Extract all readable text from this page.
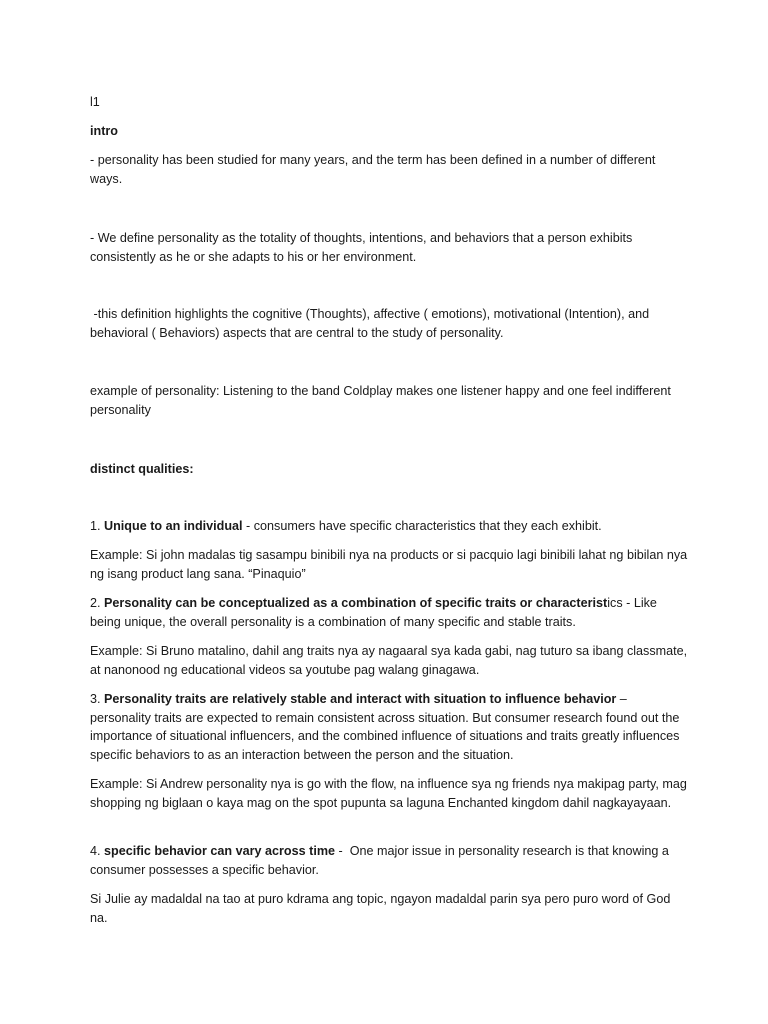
l1

intro

- personality has been studied for many years, and the term has been defined in a number of different ways.

- We define personality as the totality of thoughts, intentions, and behaviors that a person exhibits consistently as he or she adapts to his or her environment.

-this definition highlights the cognitive (Thoughts), affective ( emotions), motivational (Intention), and behavioral ( Behaviors) aspects that are central to the study of personality.

example of personality: Listening to the band Coldplay makes one listener happy and one feel indifferent personality

distinct qualities:

1. Unique to an individual - consumers have specific characteristics that they each exhibit.

Example: Si john madalas tig sasampu binibili nya na products or si pacquio lagi binibili lahat ng bibilan nya ng isang product lang sana. “Pinaquio”

2. Personality can be conceptualized as a combination of specific traits or characteristics - Like being unique, the overall personality is a combination of many specific and stable traits.

Example: Si Bruno matalino, dahil ang traits nya ay nagaaral sya kada gabi, nag tuturo sa ibang classmate, at nanonood ng educational videos sa youtube pag walang ginagawa.

3. Personality traits are relatively stable and interact with situation to influence behavior – personality traits are expected to remain consistent across situation. But consumer research found out the importance of situational influencers, and the combined influence of situations and traits greatly influences specific behaviors to as an interaction between the person and the situation.

Example: Si Andrew personality nya is go with the flow, na influence sya ng friends nya makipag party, mag shopping ng biglaan o kaya mag on the spot pupunta sa laguna Enchanted kingdom dahil nagkayayaan.

4. specific behavior can vary across time -  One major issue in personality research is that knowing a consumer possesses a specific behavior.

Si Julie ay madaldal na tao at puro kdrama ang topic, ngayon madaldal parin sya pero puro word of God na.
